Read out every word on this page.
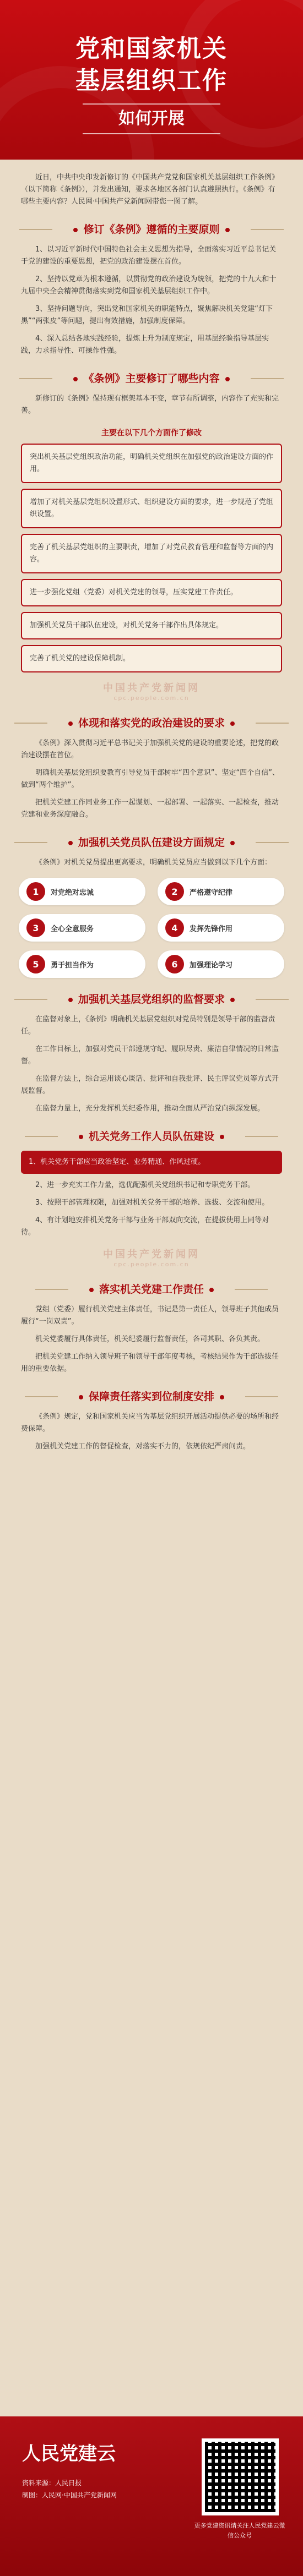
党和国家机关
基层组织工作
如何开展

近日，中共中央印发新修订的《中国共产党党和国家机关基层组织工作条例》（以下简称《条例》），并发出通知，要求各地区各部门认真遵照执行。《条例》有哪些主要内容？人民网·中国共产党新闻网带您一图了解。

修订《条例》遵循的主要原则

1、以习近平新时代中国特色社会主义思想为指导，全面落实习近平总书记关于党的建设的重要思想，把党的政治建设摆在首位。

2、坚持以党章为根本遵循，以贯彻党的政治建设为统领，把党的十九大和十九届中央全会精神贯彻落实到党和国家机关基层组织工作中。

3、坚持问题导向，突出党和国家机关的职能特点，聚焦解决机关党建“灯下黑”“两张皮”等问题，提出有效措施，加强制度保障。

4、深入总结各地实践经验，提炼上升为制度规定，用基层经验指导基层实践，力求指导性、可操作性强。

《条例》主要修订了哪些内容

新修订的《条例》保持现有框架基本不变，章节有所调整，内容作了充实和完善。

主要在以下几个方面作了修改
突出机关基层党组织政治功能，明确机关党组织在加强党的政治建设方面的作用。
增加了对机关基层党组织设置形式、组织建设方面的要求，进一步规范了党组织设置。
完善了机关基层党组织的主要职责，增加了对党员教育管理和监督等方面的内容。
进一步强化党组（党委）对机关党建的领导，压实党建工作责任。
加强机关党员干部队伍建设，对机关党务干部作出具体规定。
完善了机关党的建设保障机制。
中国共产党新闻网
cpc.people.com.cn
体现和落实党的政治建设的要求

《条例》深入贯彻习近平总书记关于加强机关党的建设的重要论述，把党的政治建设摆在首位。

明确机关基层党组织要教育引导党员干部树牢“四个意识”、坚定“四个自信”、做到“两个维护”。

把机关党建工作同业务工作一起谋划、一起部署、一起落实、一起检查，推动党建和业务深度融合。

加强机关党员队伍建设方面规定

《条例》对机关党员提出更高要求，明确机关党员应当做到以下几个方面：

1	对党绝对忠诚	2	严格遵守纪律
3	全心全意服务	4	发挥先锋作用
5	勇于担当作为	6	加强理论学习
加强机关基层党组织的监督要求

在监督对象上，《条例》明确机关基层党组织对党员特别是领导干部的监督责任。

在工作目标上，加强对党员干部遵规守纪、履职尽责、廉洁自律情况的日常监督。

在监督方法上，综合运用谈心谈话、批评和自我批评、民主评议党员等方式开展监督。

在监督力量上，充分发挥机关纪委作用，推动全面从严治党向纵深发展。

机关党务工作人员队伍建设
1、机关党务干部应当政治坚定、业务精通、作风过硬。

2、进一步充实工作力量，选优配强机关党组织书记和专职党务干部。

3、按照干部管理权限，加强对机关党务干部的培养、选拔、交流和使用。

4、有计划地安排机关党务干部与业务干部双向交流，在提拔使用上同等对待。

中国共产党新闻网
cpc.people.com.cn
落实机关党建工作责任

党组（党委）履行机关党建主体责任，书记是第一责任人，领导班子其他成员履行“一岗双责”。

机关党委履行具体责任，机关纪委履行监督责任，各司其职、各负其责。

把机关党建工作纳入领导班子和领导干部年度考核，考核结果作为干部选拔任用的重要依据。

保障责任落实到位制度安排

《条例》规定，党和国家机关应当为基层党组织开展活动提供必要的场所和经费保障。

加强机关党建工作的督促检查，对落实不力的，依规依纪严肃问责。

人民党建云
资料来源：人民日报
制图：人民网·中国共产党新闻网
更多党建资讯请关注人民党建云微信公众号
